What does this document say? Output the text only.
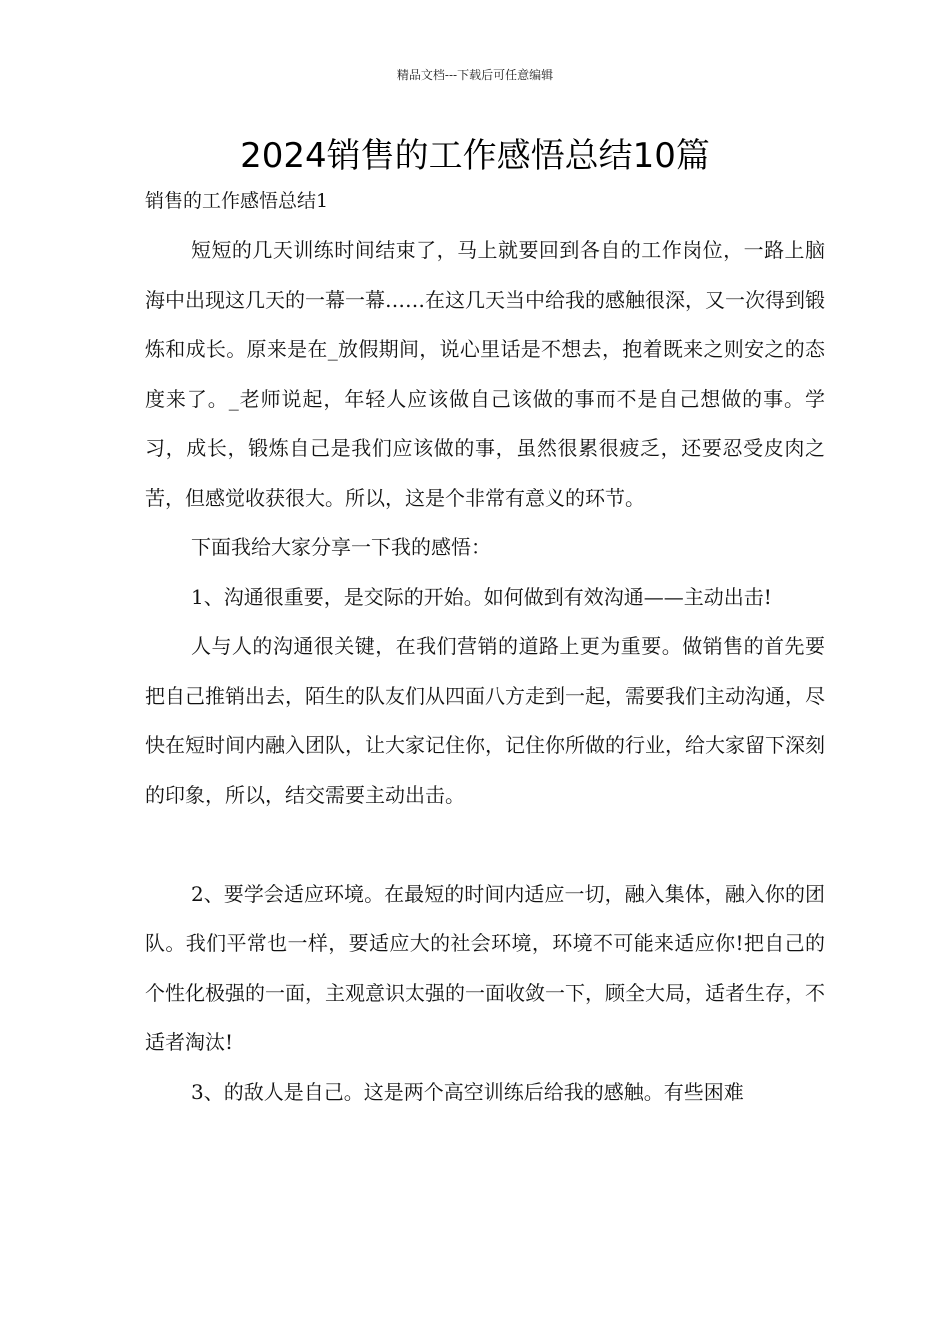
精品文档---下载后可任意编辑
2024销售的工作感悟总结10篇
销售的工作感悟总结1

短短的几天训练时间结束了，马上就要回到各自的工作岗位，一路上脑海中出现这几天的一幕一幕……在这几天当中给我的感触很深，又一次得到锻炼和成长。原来是在_放假期间，说心里话是不想去，抱着既来之则安之的态度来了。_老师说起，年轻人应该做自己该做的事而不是自己想做的事。学习，成长，锻炼自己是我们应该做的事，虽然很累很疲乏，还要忍受皮肉之苦，但感觉收获很大。所以，这是个非常有意义的环节。

下面我给大家分享一下我的感悟：

1、沟通很重要，是交际的开始。如何做到有效沟通——主动出击!

人与人的沟通很关键，在我们营销的道路上更为重要。做销售的首先要把自己推销出去，陌生的队友们从四面八方走到一起，需要我们主动沟通，尽快在短时间内融入团队，让大家记住你，记住你所做的行业，给大家留下深刻的印象，所以，结交需要主动出击。

2、要学会适应环境。在最短的时间内适应一切，融入集体，融入你的团队。我们平常也一样，要适应大的社会环境，环境不可能来适应你!把自己的个性化极强的一面，主观意识太强的一面收敛一下，顾全大局，适者生存，不适者淘汰!

3、的敌人是自己。这是两个高空训练后给我的感触。有些困难
